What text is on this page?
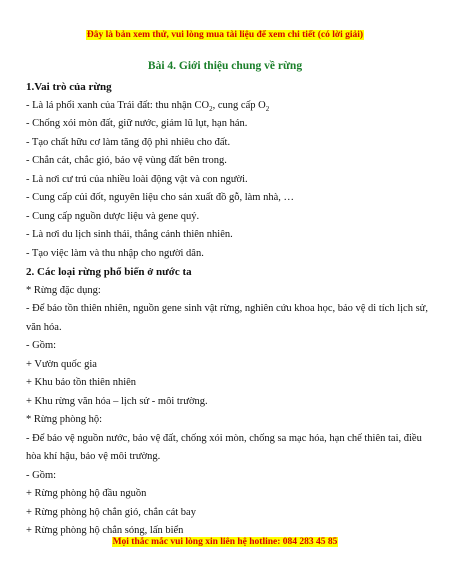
Đây là bản xem thử, vui lòng mua tài liệu để xem chi tiết (có lời giải)
Bài 4. Giới thiệu chung về rừng
1.Vai trò của rừng
- Là lá phổi xanh của Trái đất: thu nhận $CO_2$, cung cấp $O_2$
- Chống xói mòn đất, giữ nước, giảm lũ lụt, hạn hán.
- Tạo chất hữu cơ làm tăng độ phì nhiêu cho đất.
- Chắn cát, chắc gió, bảo vệ vùng đất bên trong.
- Là nơi cư trú của nhiều loài động vật và con người.
- Cung cấp củi đốt, nguyên liệu cho sản xuất đồ gỗ, làm nhà, …
- Cung cấp nguồn dược liệu và gene quý.
- Là nơi du lịch sinh thái, thắng cảnh thiên nhiên.
- Tạo việc làm và thu nhập cho người dân.
2. Các loại rừng phổ biến ở nước ta
* Rừng đặc dụng:
- Để bảo tồn thiên nhiên, nguồn gene sinh vật rừng, nghiên cứu khoa học, bảo vệ di tích lịch sử, văn hóa.
- Gồm:
+ Vườn quốc gia
+ Khu bảo tồn thiên nhiên
+ Khu rừng văn hóa – lịch sử - môi trường.
* Rừng phòng hộ:
- Để bảo vệ nguồn nước, bảo vệ đất, chống xói mòn, chống sa mạc hóa, hạn chế thiên tai, điều hòa khí hậu, bảo vệ môi trường.
- Gồm:
+ Rừng phòng hộ đầu nguồn
+ Rừng phòng hộ chắn gió, chắn cát bay
+ Rừng phòng hộ chắn sóng, lấn biển
Mọi thắc mắc vui lòng xin liên hệ hotline: 084 283 45 85
